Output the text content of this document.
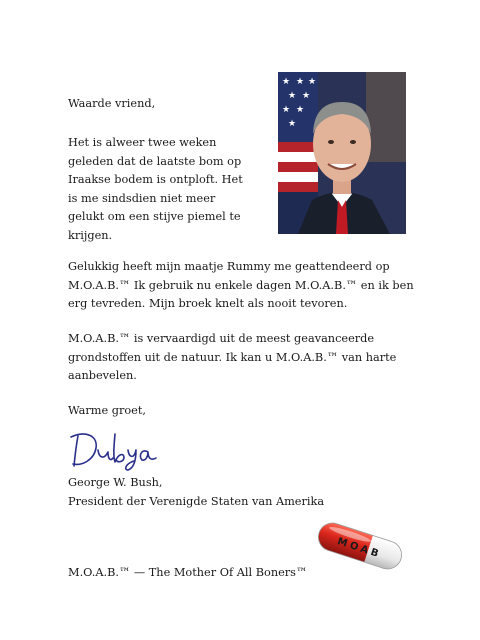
Waarde vriend,

Het is alweer twee weken
geleden dat de laatste bom op
Iraakse bodem is ontploft. Het
is me sindsdien niet meer
gelukt om een stijve piemel te
krijgen.

★ ★ ★
★ ★
★ ★
★

Gelukkig heeft mijn maatje Rummy me geattendeerd op
M.O.A.B.™ Ik gebruik nu enkele dagen M.O.A.B.™ en ik ben
erg tevreden. Mijn broek knelt als nooit tevoren.

M.O.A.B.™ is vervaardigd uit de meest geavanceerde
grondstoffen uit de natuur. Ik kan u M.O.A.B.™ van harte
aanbevelen.

Warme groet,

George W. Bush,
President der Verenigde Staten van Amerika

MOAB

M.O.A.B.™ — The Mother Of All Boners™
